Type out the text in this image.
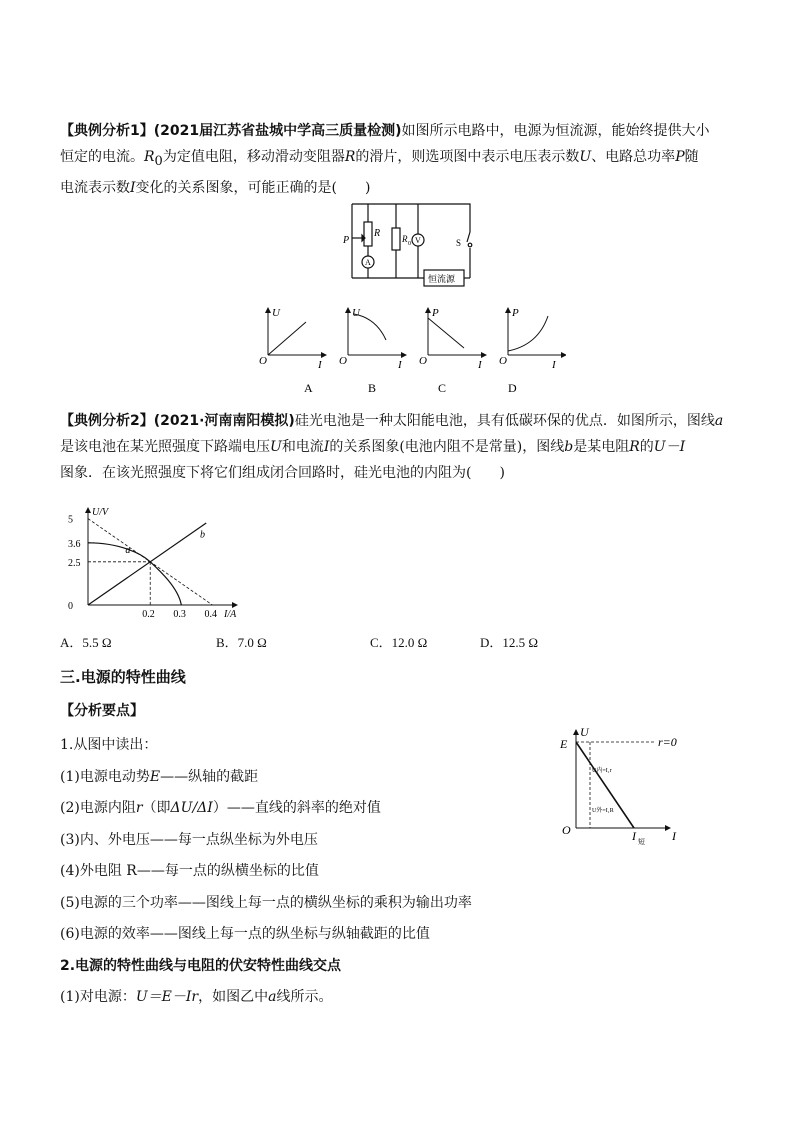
【典例分析1】(2021届江苏省盐城中学高三质量检测)如图所示电路中，电源为恒流源，能始终提供大小
恒定的电流。$R_0$为定值电阻，移动滑动变阻器R的滑片，则选项图中表示电压表示数U、电路总功率P随
电流表示数I变化的关系图象，可能正确的是(　　)
P
R R 0 V
A
S
恒流源
U
I
O
U
I
O
P
I
O
P
I
O
A	B	C	D
【典例分析2】(2021·河南南阳模拟)硅光电池是一种太阳能电池，具有低碳环保的优点．如图所示，图线a
是该电池在某光照强度下路端电压U和电流I的关系图象(电池内阻不是常量)，图线b是某电阻R的U－I
图象．在该光照强度下将它们组成闭合回路时，硅光电池的内阻为(　　)
U/V
I/A
5
3.6
2.5
0
0.2 0.3 0.4
a
b
A．5.5 Ω	B．7.0 Ω	C．12.0 Ω	D．12.5 Ω
三.电源的特性曲线
【分析要点】
1.从图中读出：
(1)电源电动势E——纵轴的截距
(2)电源内阻r（即ΔU/ΔI）——直线的斜率的绝对值
(3)内、外电压——每一点纵坐标为外电压
(4)外电阻 R——每一点的纵横坐标的比值
(5)电源的三个功率——图线上每一点的横纵坐标的乘积为输出功率
(6)电源的效率——图线上每一点的纵坐标与纵轴截距的比值
2.电源的特性曲线与电阻的伏安特性曲线交点
(1)对电源：U＝E－Ir，如图乙中a线所示。
U
E	r=0
U内=I₁r
U外=I₁R
O	I 短 I
